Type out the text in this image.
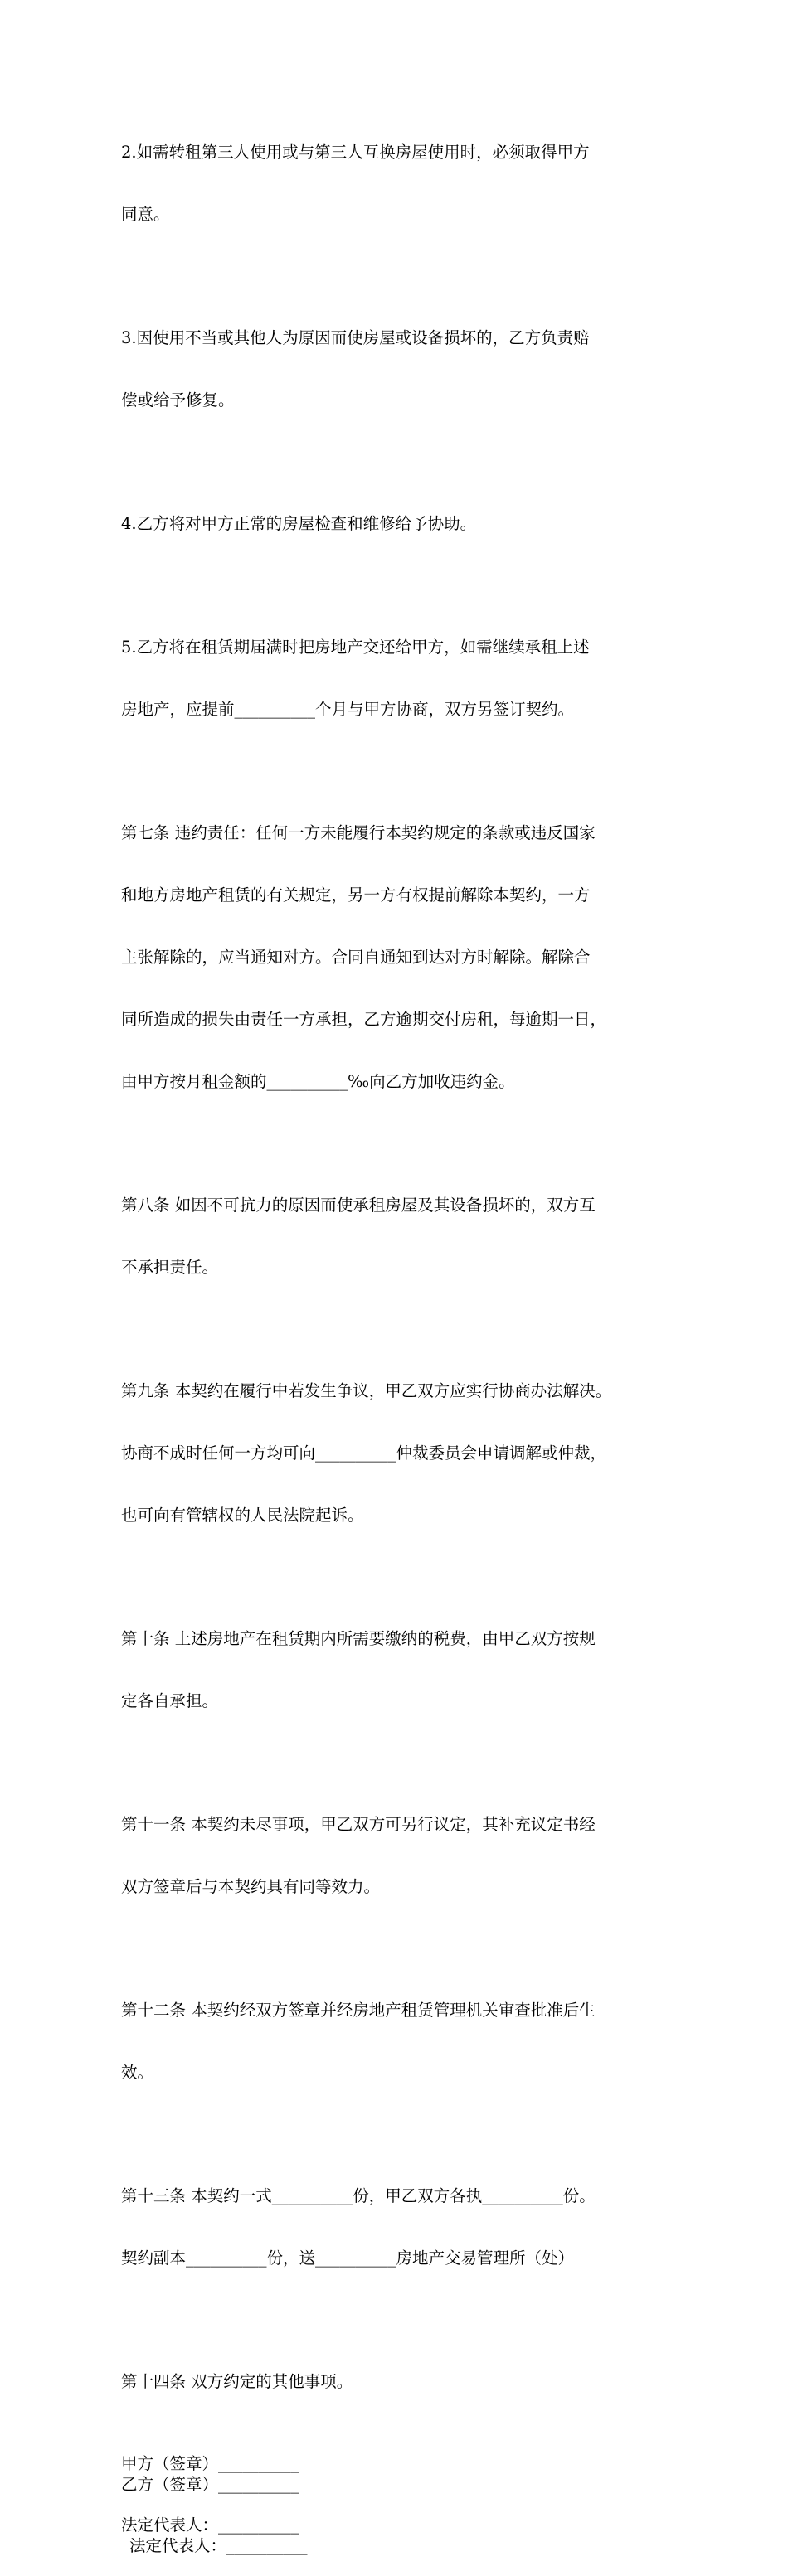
2.如需转租第三人使用或与第三人互换房屋使用时，必须取得甲方

同意。

3.因使用不当或其他人为原因而使房屋或设备损坏的，乙方负责赔

偿或给予修复。

4.乙方将对甲方正常的房屋检查和维修给予协助。

5.乙方将在租赁期届满时把房地产交还给甲方，如需继续承租上述

房地产，应提前__________个月与甲方协商，双方另签订契约。

第七条 违约责任：任何一方未能履行本契约规定的条款或违反国家

和地方房地产租赁的有关规定，另一方有权提前解除本契约，一方

主张解除的，应当通知对方。合同自通知到达对方时解除。解除合

同所造成的损失由责任一方承担，乙方逾期交付房租，每逾期一日，

由甲方按月租金额的__________‰向乙方加收违约金。

第八条 如因不可抗力的原因而使承租房屋及其设备损坏的，双方互

不承担责任。

第九条 本契约在履行中若发生争议，甲乙双方应实行协商办法解决。

协商不成时任何一方均可向__________仲裁委员会申请调解或仲裁，

也可向有管辖权的人民法院起诉。

第十条 上述房地产在租赁期内所需要缴纳的税费，由甲乙双方按规

定各自承担。

第十一条 本契约未尽事项，甲乙双方可另行议定，其补充议定书经

双方签章后与本契约具有同等效力。

第十二条 本契约经双方签章并经房地产租赁管理机关审查批准后生

效。

第十三条 本契约一式__________份，甲乙双方各执__________份。

契约副本__________份，送__________房地产交易管理所（处）

第十四条 双方约定的其他事项。

甲方（签章）__________
乙方（签章）__________
法定代表人：__________
法定代表人：__________
